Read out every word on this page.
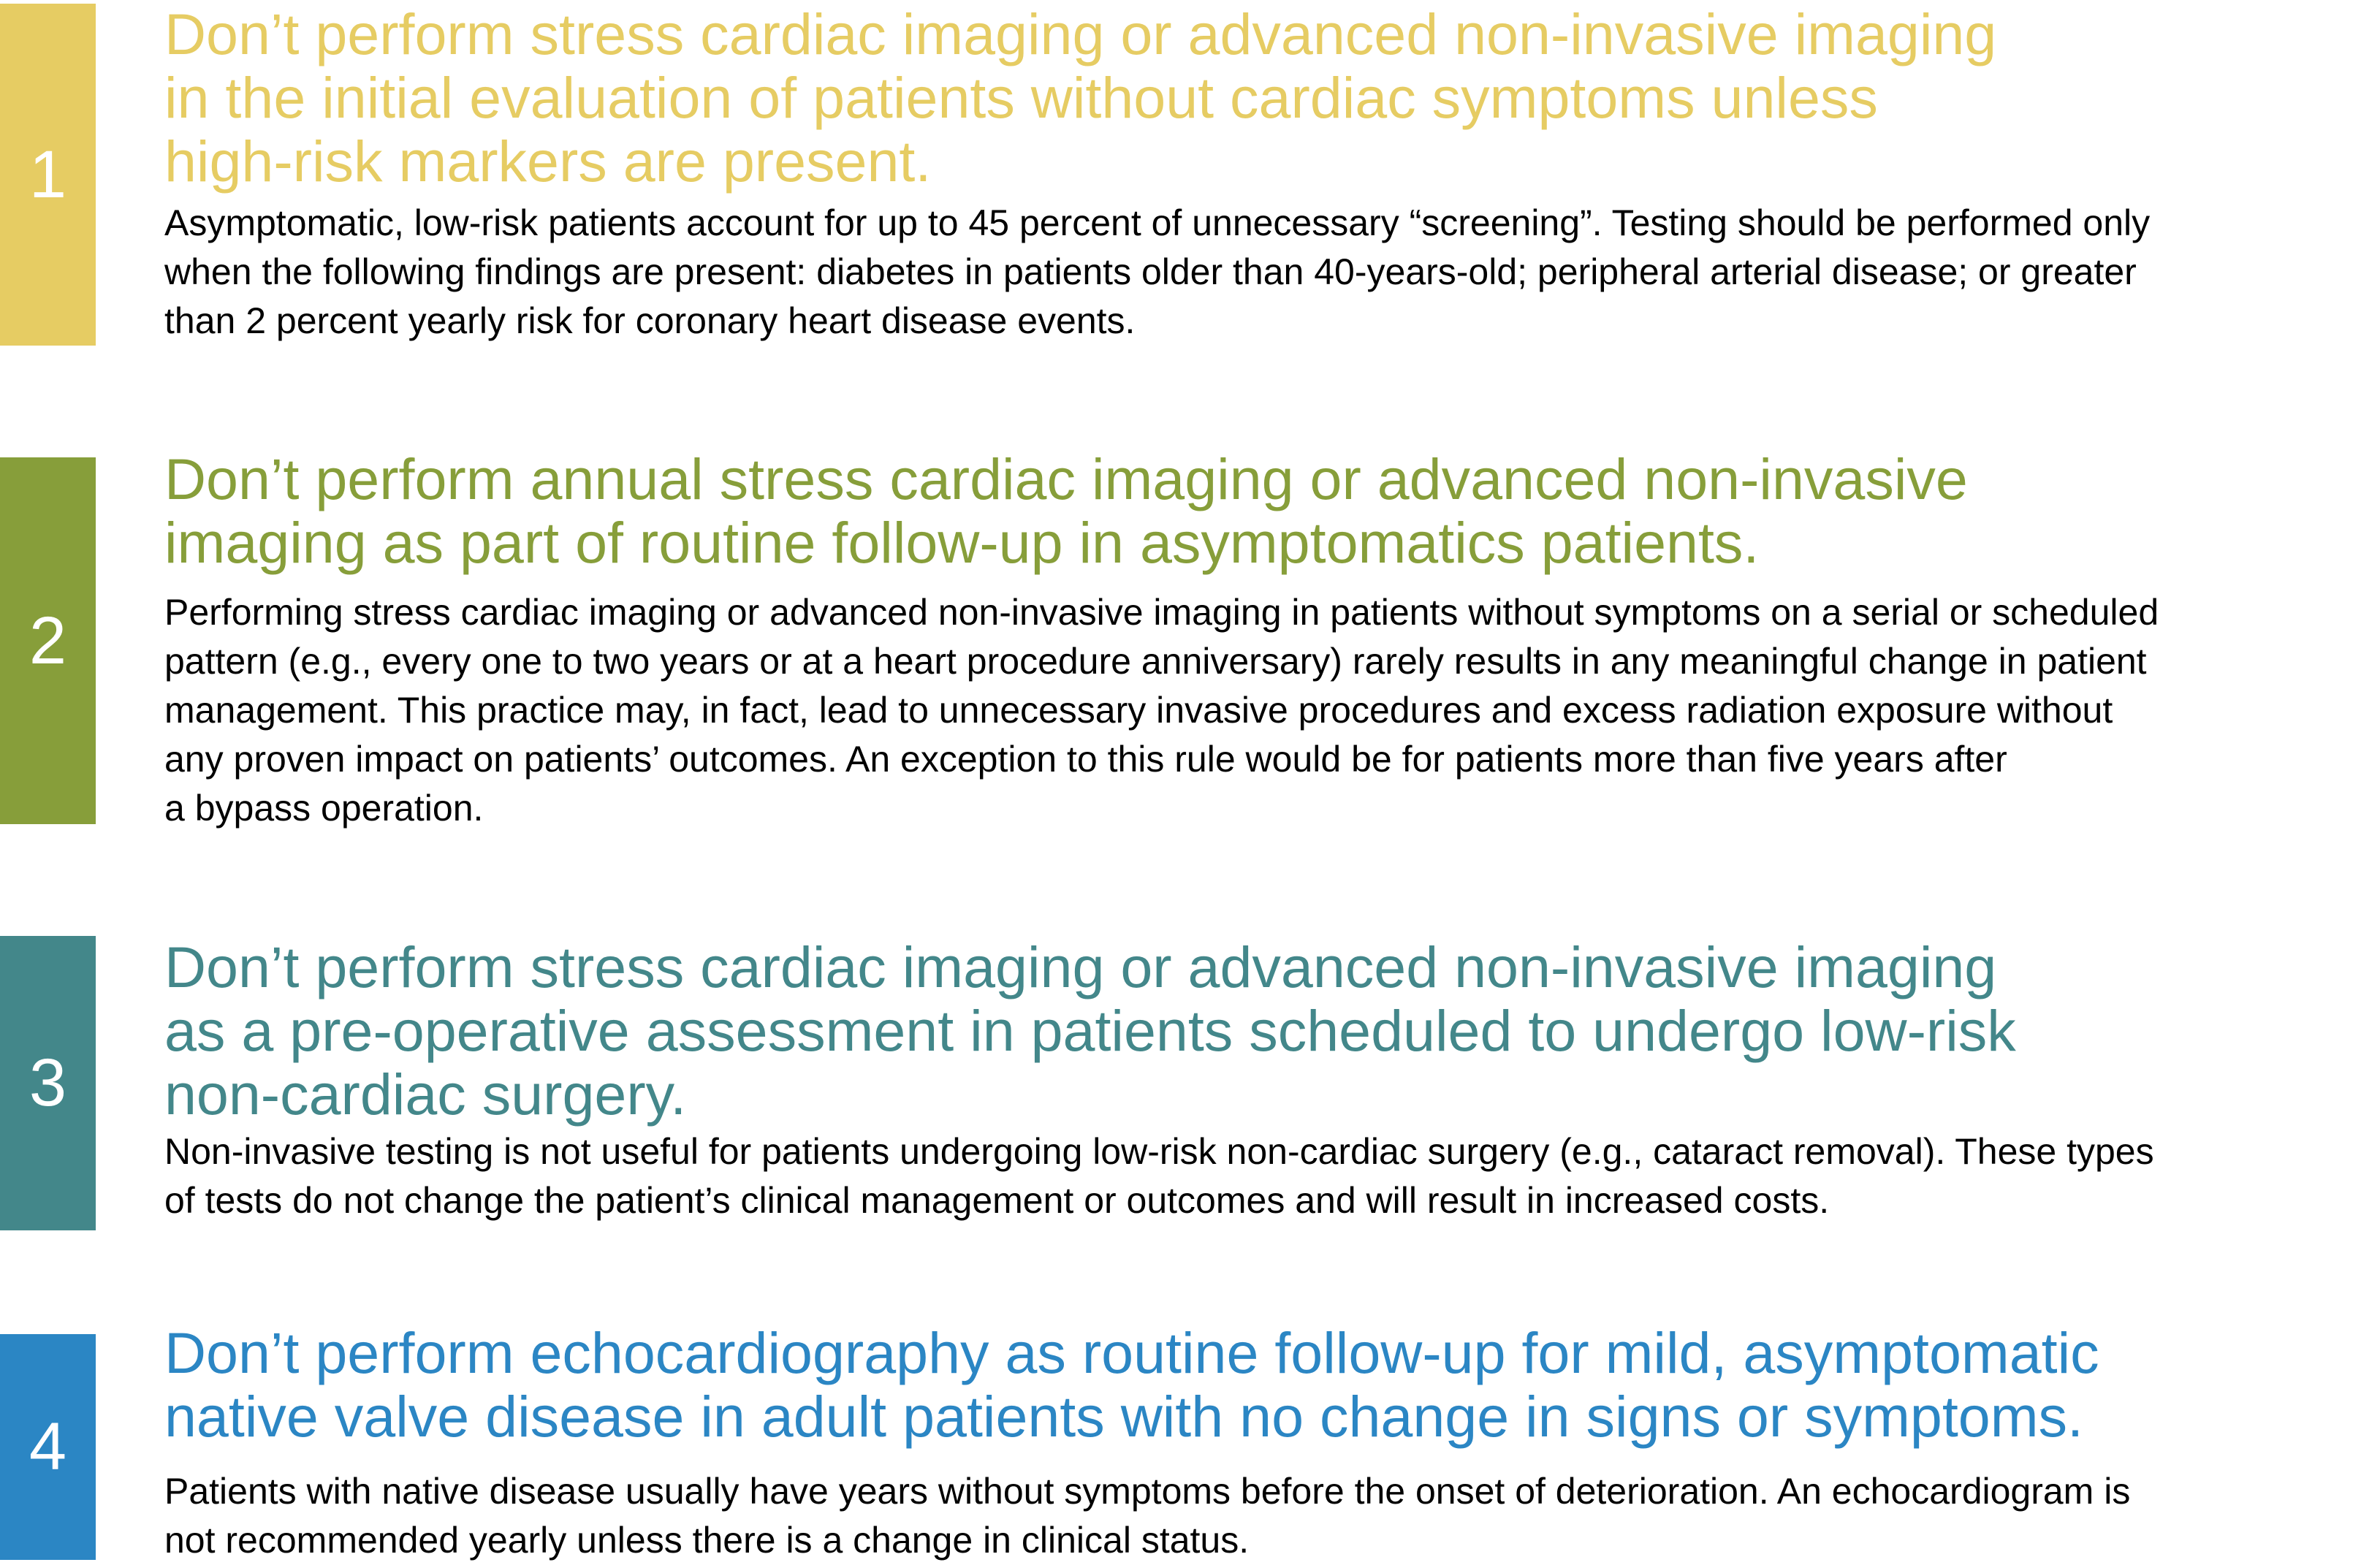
1
Don’t perform stress cardiac imaging or advanced non-invasive imaging
in the initial evaluation of patients without cardiac symptoms unless
high-risk markers are present.

Asymptomatic, low-risk patients account for up to 45 percent of unnecessary “screening”. Testing should be performed only
when the following findings are present: diabetes in patients older than 40-years-old; peripheral arterial disease; or greater
than 2 percent yearly risk for coronary heart disease events.

2
Don’t perform annual stress cardiac imaging or advanced non-invasive
imaging as part of routine follow-up in asymptomatics patients.

Performing stress cardiac imaging or advanced non-invasive imaging in patients without symptoms on a serial or scheduled
pattern (e.g., every one to two years or at a heart procedure anniversary) rarely results in any meaningful change in patient
management. This practice may, in fact, lead to unnecessary invasive procedures and excess radiation exposure without
any proven impact on patients’ outcomes. An exception to this rule would be for patients more than five years after
a bypass operation.

3
Don’t perform stress cardiac imaging or advanced non-invasive imaging
as a pre-operative assessment in patients scheduled to undergo low-risk
non-cardiac surgery.

Non-invasive testing is not useful for patients undergoing low-risk non-cardiac surgery (e.g., cataract removal). These types
of tests do not change the patient’s clinical management or outcomes and will result in increased costs.

4
Don’t perform echocardiography as routine follow-up for mild, asymptomatic
native valve disease in adult patients with no change in signs or symptoms.

Patients with native disease usually have years without symptoms before the onset of deterioration. An echocardiogram is
not recommended yearly unless there is a change in clinical status.
